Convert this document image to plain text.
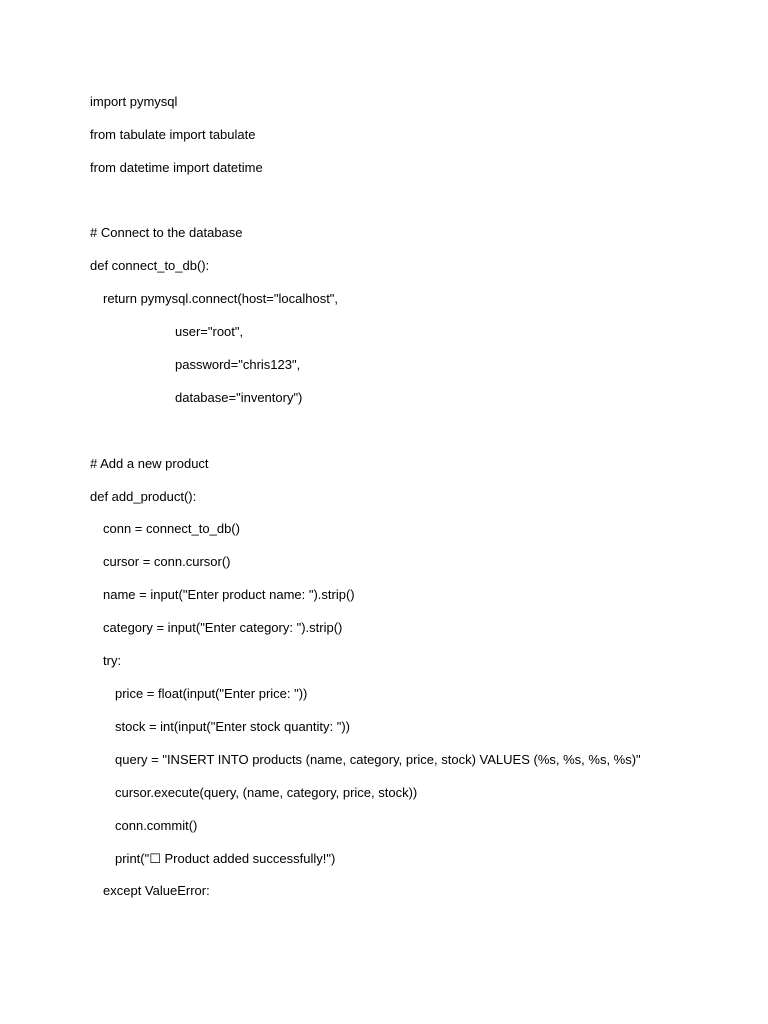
import pymysql
from tabulate import tabulate
from datetime import datetime
# Connect to the database
def connect_to_db():
return pymysql.connect(host="localhost",
user="root",
password="chris123",
database="inventory")
# Add a new product
def add_product():
conn = connect_to_db()
cursor = conn.cursor()
name = input("Enter product name: ").strip()
category = input("Enter category: ").strip()
try:
price = float(input("Enter price: "))
stock = int(input("Enter stock quantity: "))
query = "INSERT INTO products (name, category, price, stock) VALUES (%s, %s, %s, %s)"
cursor.execute(query, (name, category, price, stock))
conn.commit()
print("☐ Product added successfully!")
except ValueError:
